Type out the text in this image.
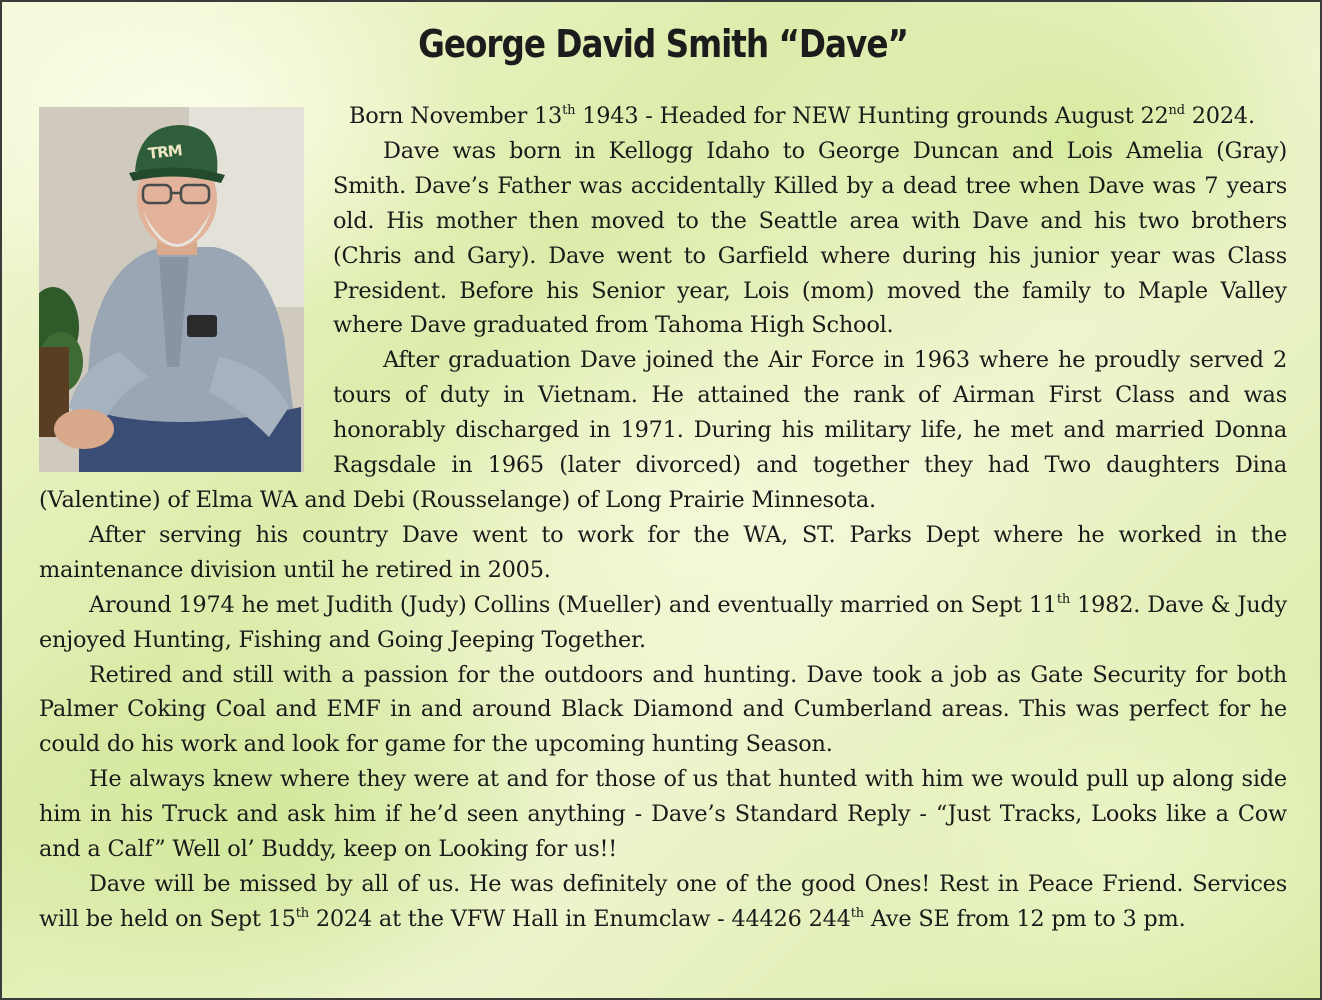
George David Smith “Dave”
TRM

Born November 13th 1943 - Headed for NEW Hunting grounds August 22nd 2024.

Dave was born in Kellogg Idaho to George Duncan and Lois Amelia (Gray) Smith. Dave’s Father was accidentally Killed by a dead tree when Dave was 7 years old. His mother then moved to the Seattle area with Dave and his two brothers (Chris and Gary). Dave went to Garfield where during his junior year was Class President. Before his Senior year, Lois (mom) moved the family to Maple Valley where Dave graduated from Tahoma High School.

After graduation Dave joined the Air Force in 1963 where he proudly served 2 tours of duty in Vietnam. He attained the rank of Airman First Class and was honorably discharged in 1971. During his military life, he met and married Donna Ragsdale in 1965 (later divorced) and together they had Two daughters Dina (Valentine) of Elma WA and Debi (Rousselange) of Long Prairie Minnesota.

After serving his country Dave went to work for the WA, ST. Parks Dept where he worked in the maintenance division until he retired in 2005.

Around 1974 he met Judith (Judy) Collins (Mueller) and eventually married on Sept 11th 1982. Dave & Judy enjoyed Hunting, Fishing and Going Jeeping Together.

Retired and still with a passion for the outdoors and hunting. Dave took a job as Gate Security for both Palmer Coking Coal and EMF in and around Black Diamond and Cumberland areas. This was perfect for he could do his work and look for game for the upcoming hunting Season.

He always knew where they were at and for those of us that hunted with him we would pull up along side him in his Truck and ask him if he’d seen anything - Dave’s Standard Reply - “Just Tracks, Looks like a Cow and a Calf” Well ol’ Buddy, keep on Looking for us!!

Dave will be missed by all of us. He was definitely one of the good Ones! Rest in Peace Friend. Services will be held on Sept 15th 2024 at the VFW Hall in Enumclaw - 44426 244th Ave SE from 12 pm to 3 pm.
